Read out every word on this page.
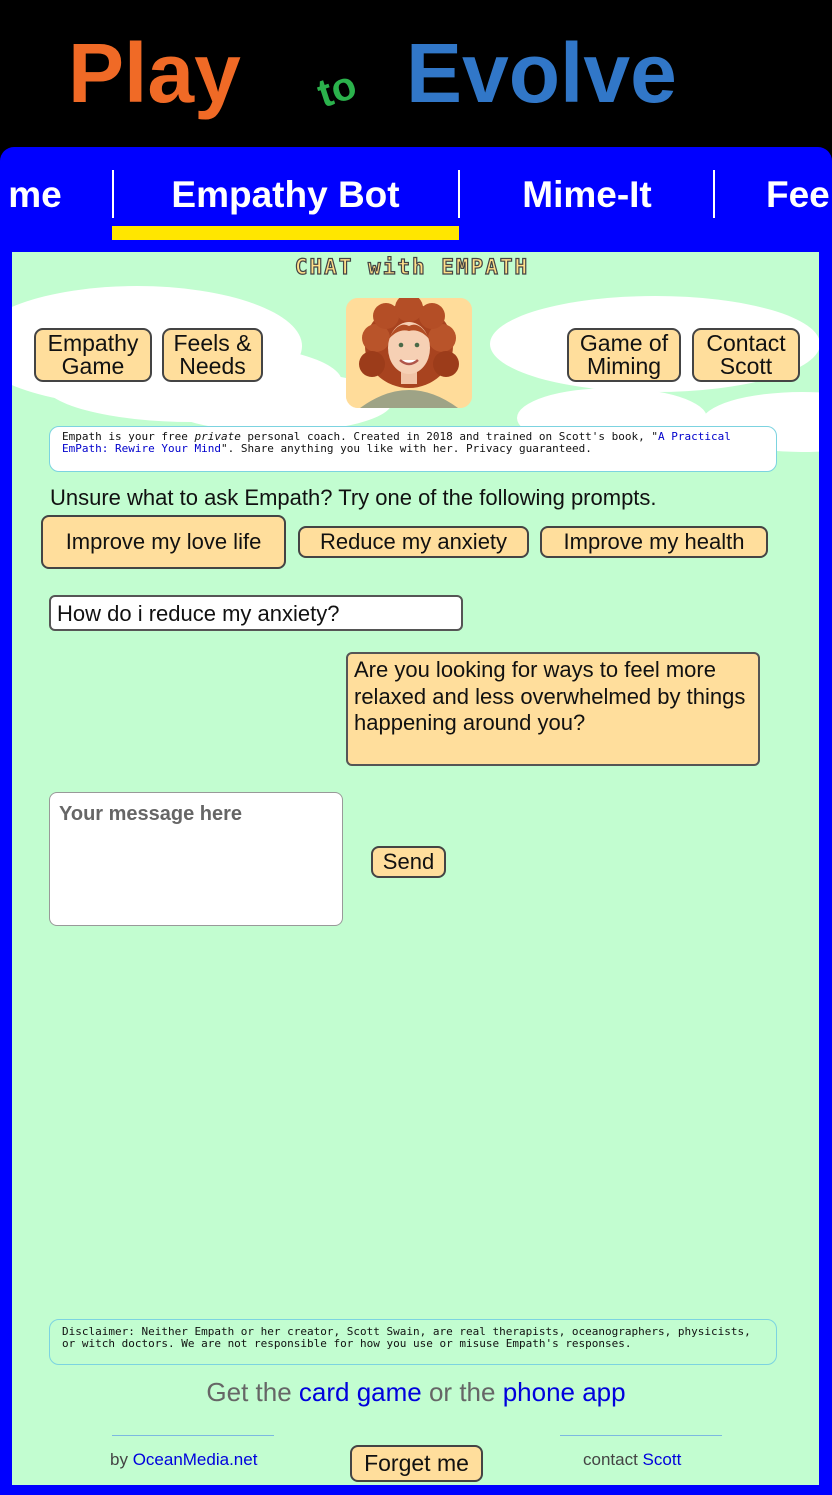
Play to Evolve
me	Empathy Bot	Mime-It	Fee
CHAT with EMPATH
Empathy Game
Feels & Needs
Game of Miming
Contact Scott
Empath is your free private personal coach. Created in 2018 and trained on Scott's book, "A Practical EmPath: Rewire Your Mind". Share anything you like with her. Privacy guaranteed.
Unsure what to ask Empath? Try one of the following prompts.
Improve my love life	Reduce my anxiety	Improve my health
How do i reduce my anxiety?
Are you looking for ways to feel more relaxed and less overwhelmed by things happening around you?
Your message here
Send
Disclaimer: Neither Empath or her creator, Scott Swain, are real therapists, oceanographers, physicists, or witch doctors. We are not responsible for how you use or misuse Empath's responses.
Get the card game or the phone app
by OceanMedia.net	Forget me	contact Scott
